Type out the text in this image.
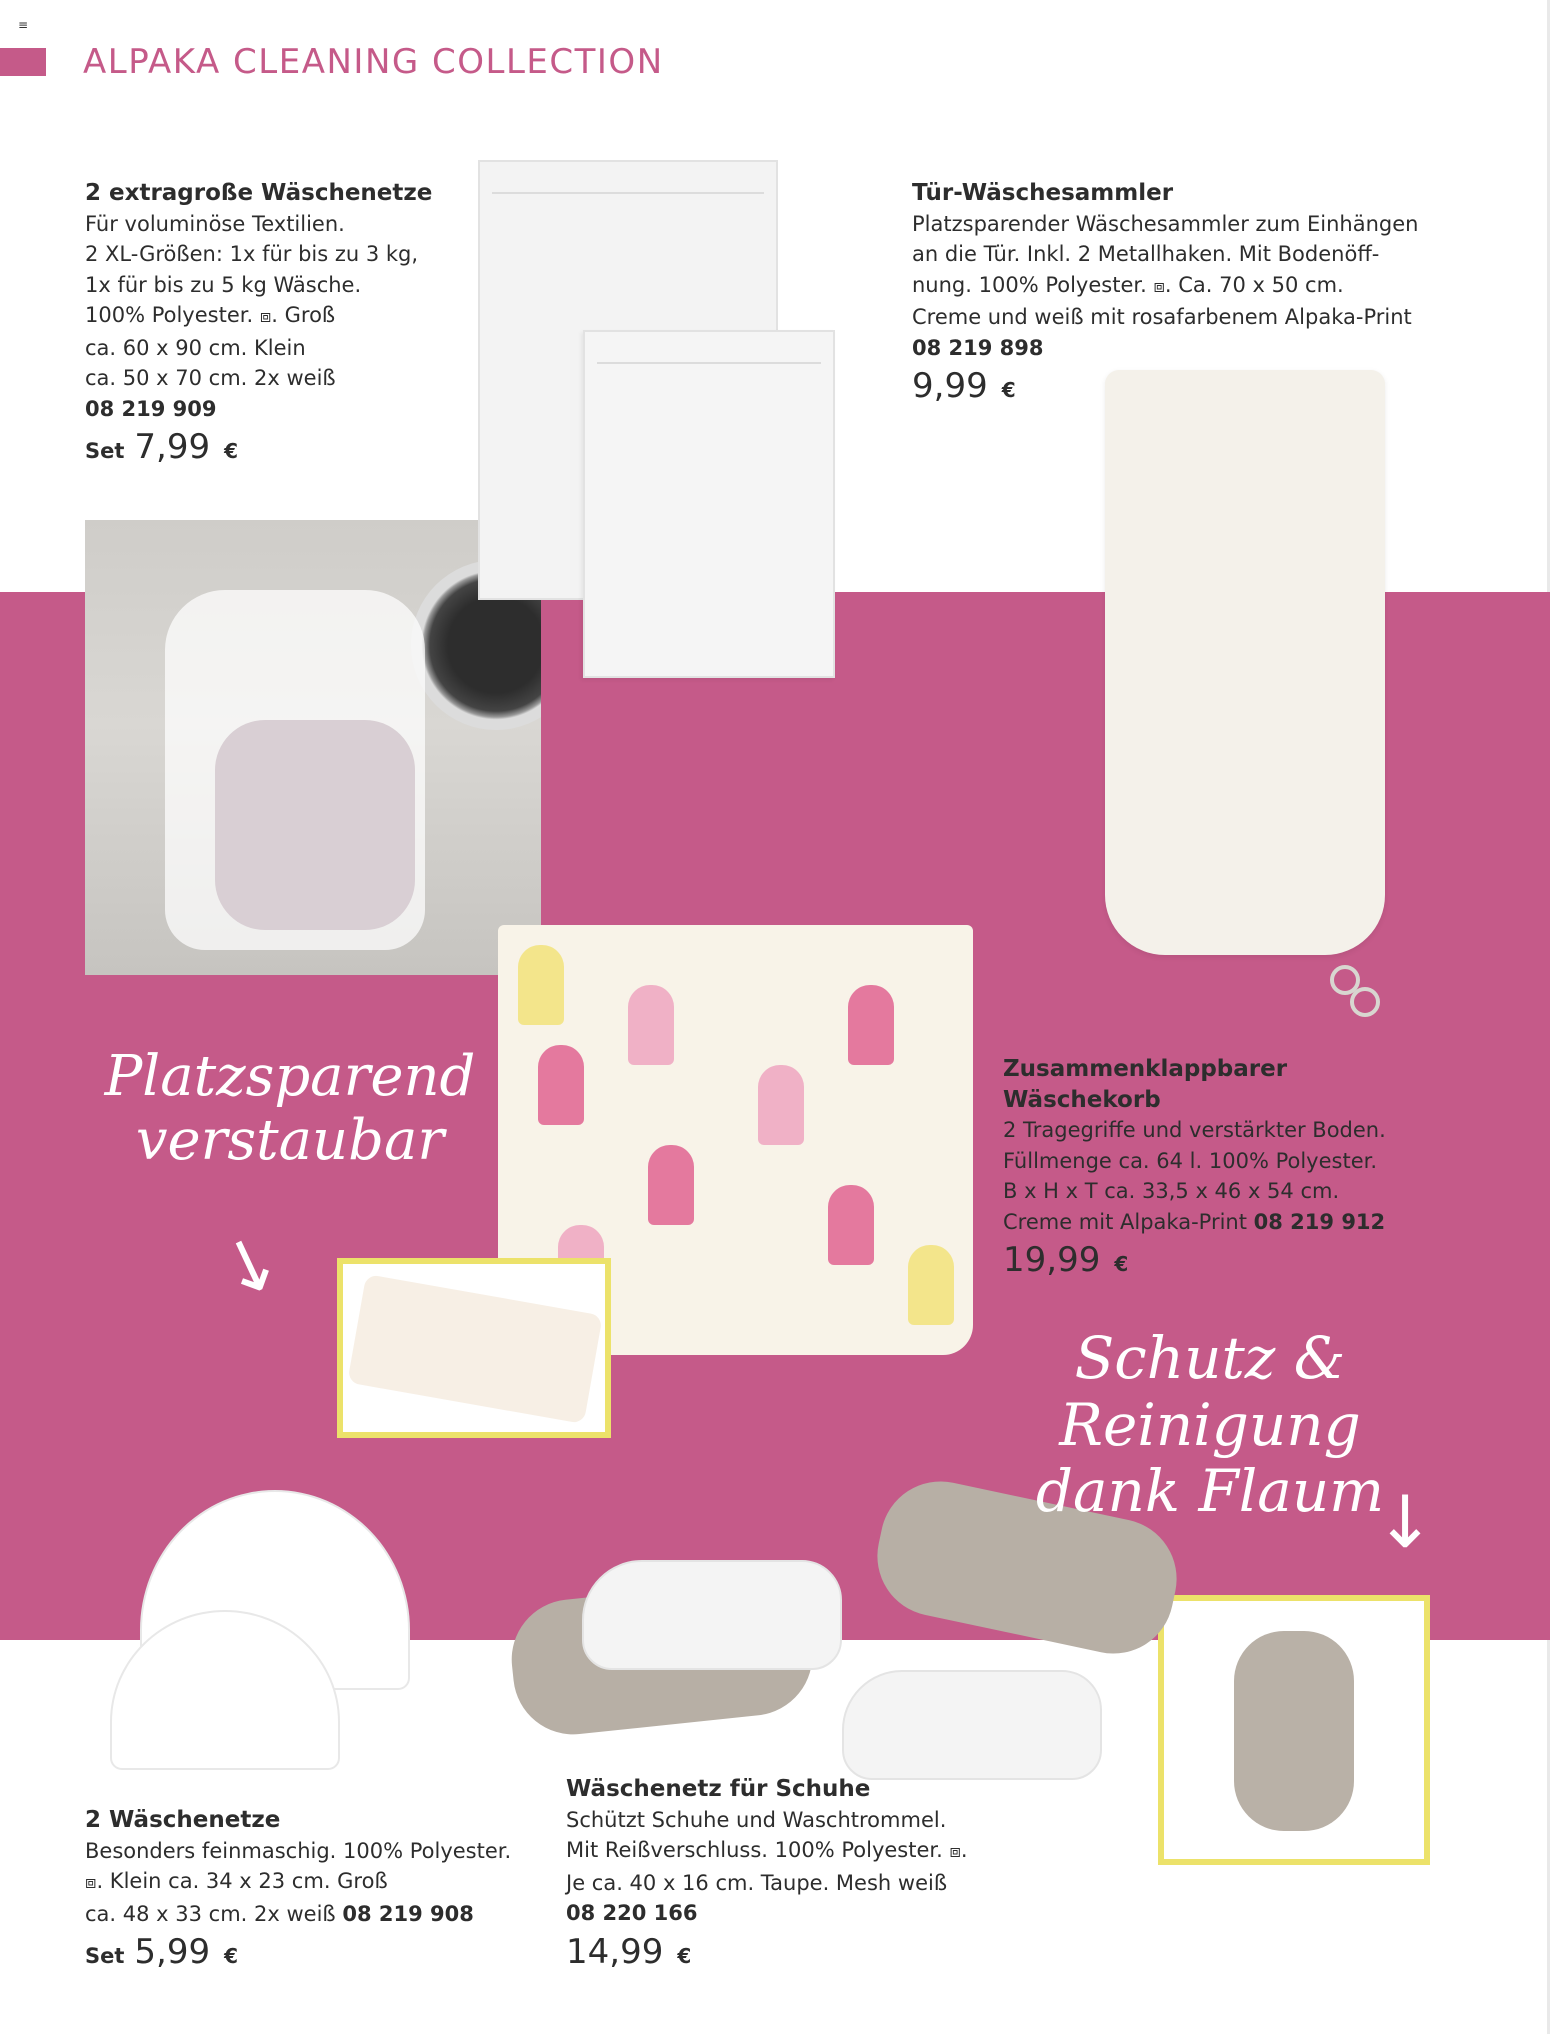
≡
ALPAKA CLEANING COLLECTION
Platzsparend
verstaubar
↓
Schutz & Reinigung
dank Flaum
↓
2 extragroße Wäschenetze
Für voluminöse Textilien.
2 XL-Größen: 1x für bis zu 3 kg,
1x für bis zu 5 kg Wäsche.
100% Polyester. ⧈. Groß
ca. 60 x 90 cm. Klein
ca. 50 x 70 cm. 2x weiß
08 219 909
Set 7,99 €
Tür-Wäschesammler
Platzsparender Wäschesammler zum Einhängen
an die Tür. Inkl. 2 Metallhaken. Mit Bodenöff-
nung. 100% Polyester. ⧈. Ca. 70 x 50 cm.
Creme und weiß mit rosafarbenem Alpaka-Print
08 219 898
9,99 €
Zusammenklappbarer
Wäschekorb
2 Tragegriffe und verstärkter Boden.
Füllmenge ca. 64 l. 100% Polyester.
B x H x T ca. 33,5 x 46 x 54 cm.
Creme mit Alpaka-Print 08 219 912
19,99 €
2 Wäschenetze
Besonders feinmaschig. 100% Polyester.
⧈. Klein ca. 34 x 23 cm. Groß
ca. 48 x 33 cm. 2x weiß 08 219 908
Set 5,99 €
Wäschenetz für Schuhe
Schützt Schuhe und Waschtrommel.
Mit Reißverschluss. 100% Polyester. ⧈.
Je ca. 40 x 16 cm. Taupe. Mesh weiß
08 220 166
14,99 €
